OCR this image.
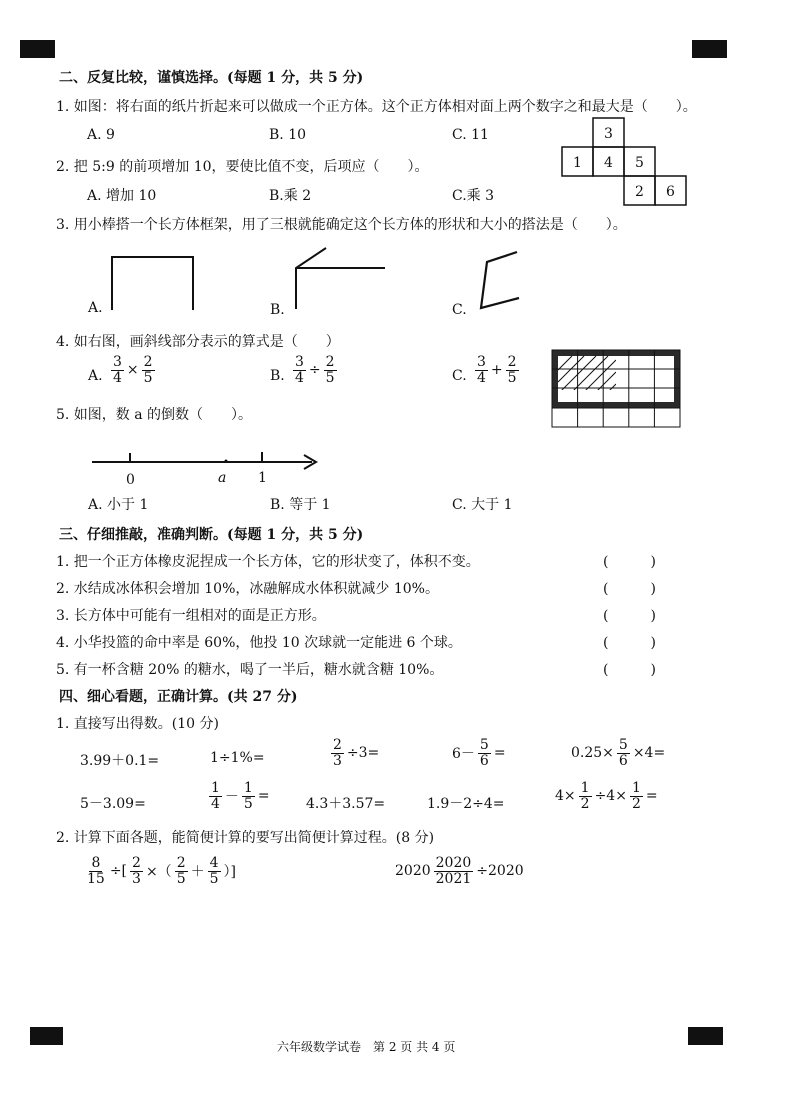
二、反复比较，谨慎选择。(每题 1 分，共 5 分)
1. 如图：将右面的纸片折起来可以做成一个正方体。这个正方体相对面上两个数字之和最大是（　　）。
A. 9	B. 10	C. 11	3
1 4 5
2 6
2. 把 5:9 的前项增加 10，要使比值不变，后项应（　　）。
A. 增加 10	B.乘 2	C.乘 3
3. 用小棒搭一个长方体框架，用了三根就能确定这个长方体的形状和大小的搭法是（　　）。
A.	B.	C.
4. 如右图，画斜线部分表示的算式是（　　）
A. $\frac{3}{4} \times \frac{2}{5}$	B. $\frac{3}{4} \div \frac{2}{5}$	C. $\frac{3}{4} + \frac{2}{5}$
5. 如图，数 a 的倒数（　　）。
0	a 1
A. 小于 1	B. 等于 1	C. 大于 1
三、仔细推敲，准确判断。(每题 1 分，共 5 分)
1. 把一个正方体橡皮泥捏成一个长方体，它的形状变了，体积不变。	(　　　)
2. 水结成冰体积会增加 10%，冰融解成水体积就减少 10%。	(　　　)
3. 长方体中可能有一组相对的面是正方形。	(　　　)
4. 小华投篮的命中率是 60%，他投 10 次球就一定能进 6 个球。	(　　　)
5. 有一杯含糖 20% 的糖水，喝了一半后，糖水就含糖 10%。	(　　　)
四、细心看题，正确计算。(共 27 分)
1. 直接写出得数。(10 分)
3.99＋0.1=	1÷1%=	$\frac{2}{3} \div 3=$	$6- \frac{5}{6}$ =	$0.25\times \frac{5}{6} \times 4=$
5－3.09=	$\frac{1}{4} - \frac{1}{5}$ =	4.3＋3.57=	1.9－2÷4=	$4\times \frac{1}{2} \div 4\times \frac{1}{2}$ =
2. 计算下面各题，能简便计算的要写出简便计算过程。(8 分)
$\frac{8}{15}$ ÷[ $\frac{2}{3}$ ×（ $\frac{2}{5} + \frac{4}{5}$ ）]	$2020 \frac{2020}{2021} \div 2020$
六年级数学试卷　第 2 页 共 4 页
